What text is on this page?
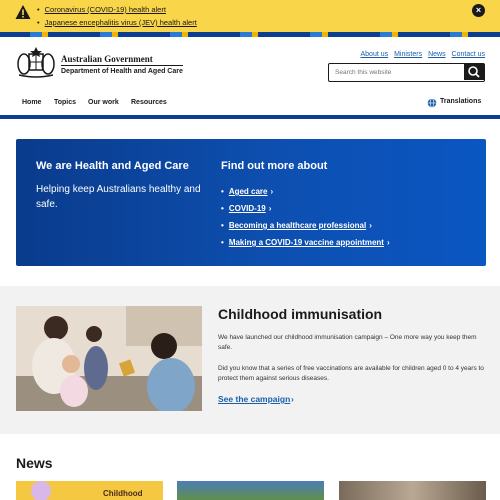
• Coronavirus (COVID-19) health alert
• Japanese encephalitis virus (JEV) health alert
×
Australian Government
Department of Health and Aged Care
About us Ministers News Contact us
Search this website
Home Topics Our work Resources	Translations
We are Health and Aged Care
Helping keep Australians healthy and safe.
Find out more about
• Aged care ›
• COVID-19 ›
• Becoming a healthcare professional ›
• Making a COVID-19 vaccine appointment ›
Childhood immunisation
We have launched our childhood immunisation campaign – One more way you keep them safe.
Did you know that a series of free vaccinations are available for children aged 0 to 4 years to protect them against serious diseases.
See the campaign ›
News
Childhood
